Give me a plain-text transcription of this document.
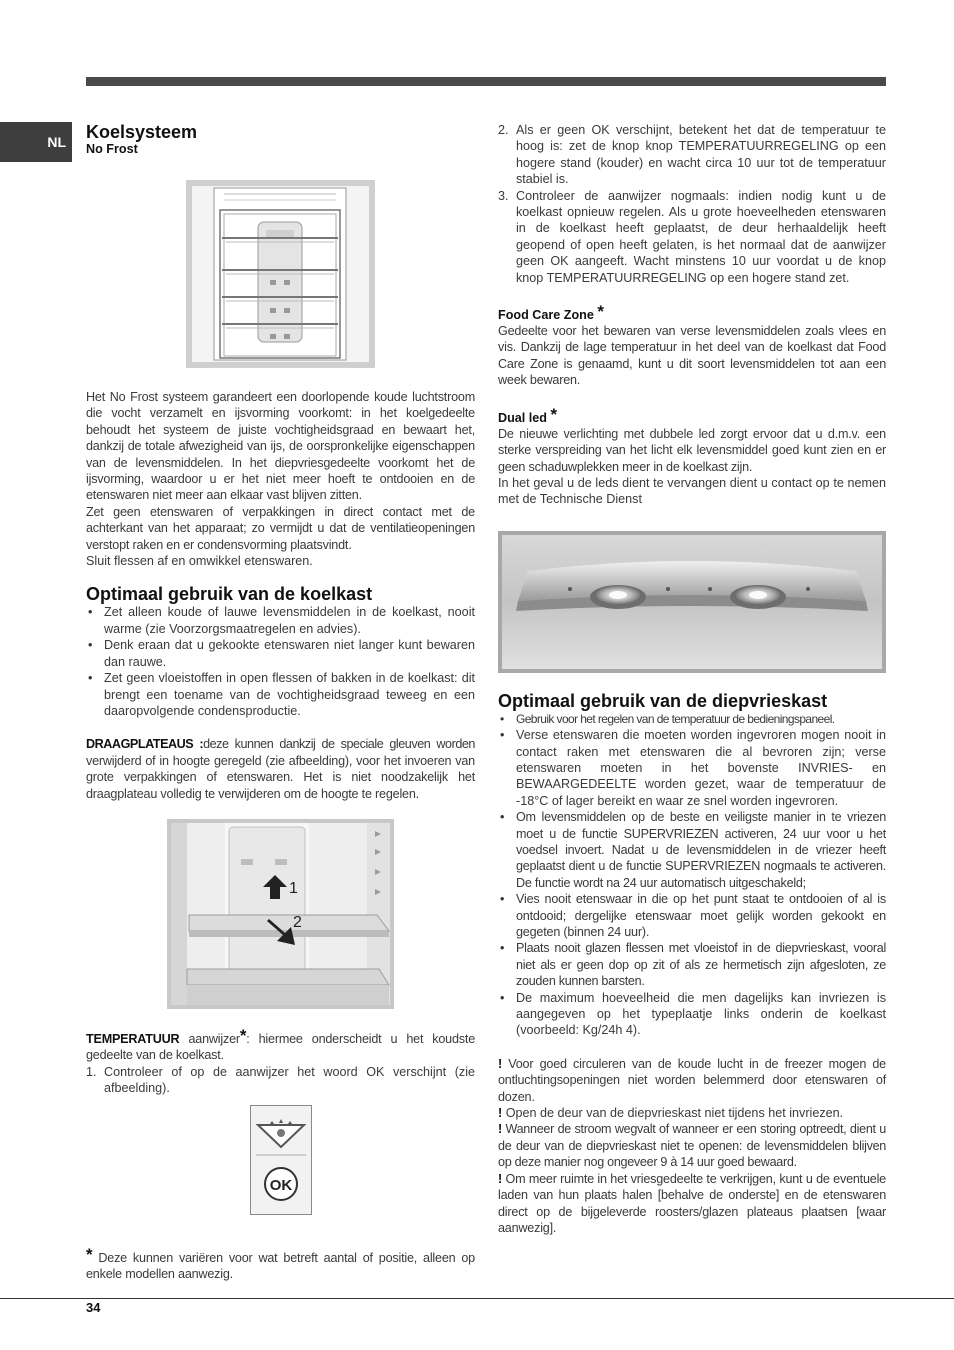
NL Koelsysteem

No Frost

Het No Frost systeem garandeert een doorlopende koude luchtstroom die vocht verzamelt en ijsvorming voorkomt: in het koelgedeelte behoudt het systeem de juiste vochtigheidsgraad en bewaart het, dankzij de totale afwezigheid van ijs, de oorspronkelijke eigenschappen van de levensmiddelen. In het diepvriesgedeelte voorkomt het de ijsvorming, waardoor u er het niet meer hoeft te ontdooien en de etenswaren niet meer aan elkaar vast blijven zitten.

Zet geen etenswaren of verpakkingen in direct contact met de achterkant van het apparaat; zo vermijdt u dat de ventilatieopeningen verstopt raken en er condensvorming plaatsvindt.

Sluit flessen af en omwikkel etenswaren.

Optimaal gebruik van de koelkast
• Zet alleen koude of lauwe levensmiddelen in de koelkast, nooit warme (zie Voorzorgsmaatregelen en advies).
• Denk eraan dat u gekookte etenswaren niet langer kunt bewaren dan rauwe.
• Zet geen vloeistoffen in open flessen of bakken in de koelkast: dit brengt een toename van de vochtigheidsgraad teweeg en een daaropvolgende condensproductie.

DRAAGPLATEAUS :deze kunnen dankzij de speciale gleuven worden verwijderd of in hoogte geregeld (zie afbeelding), voor het invoeren van grote verpakkingen of etenswaren. Het is niet noodzakelijk het draagplateau volledig te verwijderen om de hoogte te regelen.

1
2

TEMPERATUUR aanwijzer*: hiermee onderscheidt u het koudste gedeelte van de koelkast.

1. Controleer of op de aanwijzer het woord OK verschijnt (zie afbeelding).
OK

* Deze kunnen variëren voor wat betreft aantal of positie, alleen op enkele modellen aanwezig.

2. Als er geen OK verschijnt, betekent het dat de temperatuur te hoog is: zet de knop knop TEMPERATUURREGELING op een hogere stand (kouder) en wacht circa 10 uur tot de temperatuur stabiel is.
3. Controleer de aanwijzer nogmaals: indien nodig kunt u de koelkast opnieuw regelen. Als u grote hoeveelheden etenswaren in de koelkast heeft geplaatst, de deur herhaaldelijk heeft geopend of open heeft gelaten, is het normaal dat de aanwijzer geen OK aangeeft. Wacht minstens 10 uur voordat u de knop knop TEMPERATUURREGELING op een hogere stand zet.
Food Care Zone *

Gedeelte voor het bewaren van verse levensmiddelen zoals vlees en vis. Dankzij de lage temperatuur in het deel van de koelkast dat Food Care Zone is genaamd, kunt u dit soort levensmiddelen tot aan een week bewaren.

Dual led *

De nieuwe verlichting met dubbele led zorgt ervoor dat u d.m.v. een sterke verspreiding van het licht elk levensmiddel goed kunt zien en er geen schaduwplekken meer in de koelkast zijn.

In het geval u de leds dient te vervangen dient u contact op te nemen met de Technische Dienst

Optimaal gebruik van de diepvrieskast
• Gebruik voor het regelen van de temperatuur de bedieningspaneel.
• Verse etenswaren die moeten worden ingevroren mogen nooit in contact raken met etenswaren die al bevroren zijn; verse etenswaren moeten in het bovenste INVRIES- en BEWAARGEDEELTE worden gezet, waar de temperatuur de -18°C of lager bereikt en waar ze snel worden ingevroren.
• Om levensmiddelen op de beste en veiligste manier in te vriezen moet u de functie SUPERVRIEZEN activeren, 24 uur voor u het voedsel invoert. Nadat u de levensmiddelen in de vriezer heeft geplaatst dient u de functie SUPERVRIEZEN nogmaals te activeren. De functie wordt na 24 uur automatisch uitgeschakeld;
• Vies nooit etenswaar in die op het punt staat te ontdooien of al is ontdooid; dergelijke etenswaar moet gelijk worden gekookt en gegeten (binnen 24 uur).
• Plaats nooit glazen flessen met vloeistof in de diepvrieskast, vooral niet als er geen dop op zit of als ze hermetisch zijn afgesloten, ze zouden kunnen barsten.
• De maximum hoeveelheid die men dagelijks kan invriezen is aangegeven op het typeplaatje links onderin de koelkast (voorbeeld: Kg/24h 4).

! Voor goed circuleren van de koude lucht in de freezer mogen de ontluchtingsopeningen niet worden belemmerd door etenswaren of dozen.

! Open de deur van de diepvrieskast niet tijdens het invriezen.

! Wanneer de stroom wegvalt of wanneer er een storing optreedt, dient u de deur van de diepvrieskast niet te openen: de levensmiddelen blijven op deze manier nog ongeveer 9 à 14 uur goed bewaard.

! Om meer ruimte in het vriesgedeelte te verkrijgen, kunt u de eventuele laden van hun plaats halen [behalve de onderste] en de etenswaren direct op de bijgeleverde roosters/glazen plateaus plaatsen [waar aanwezig].

34
